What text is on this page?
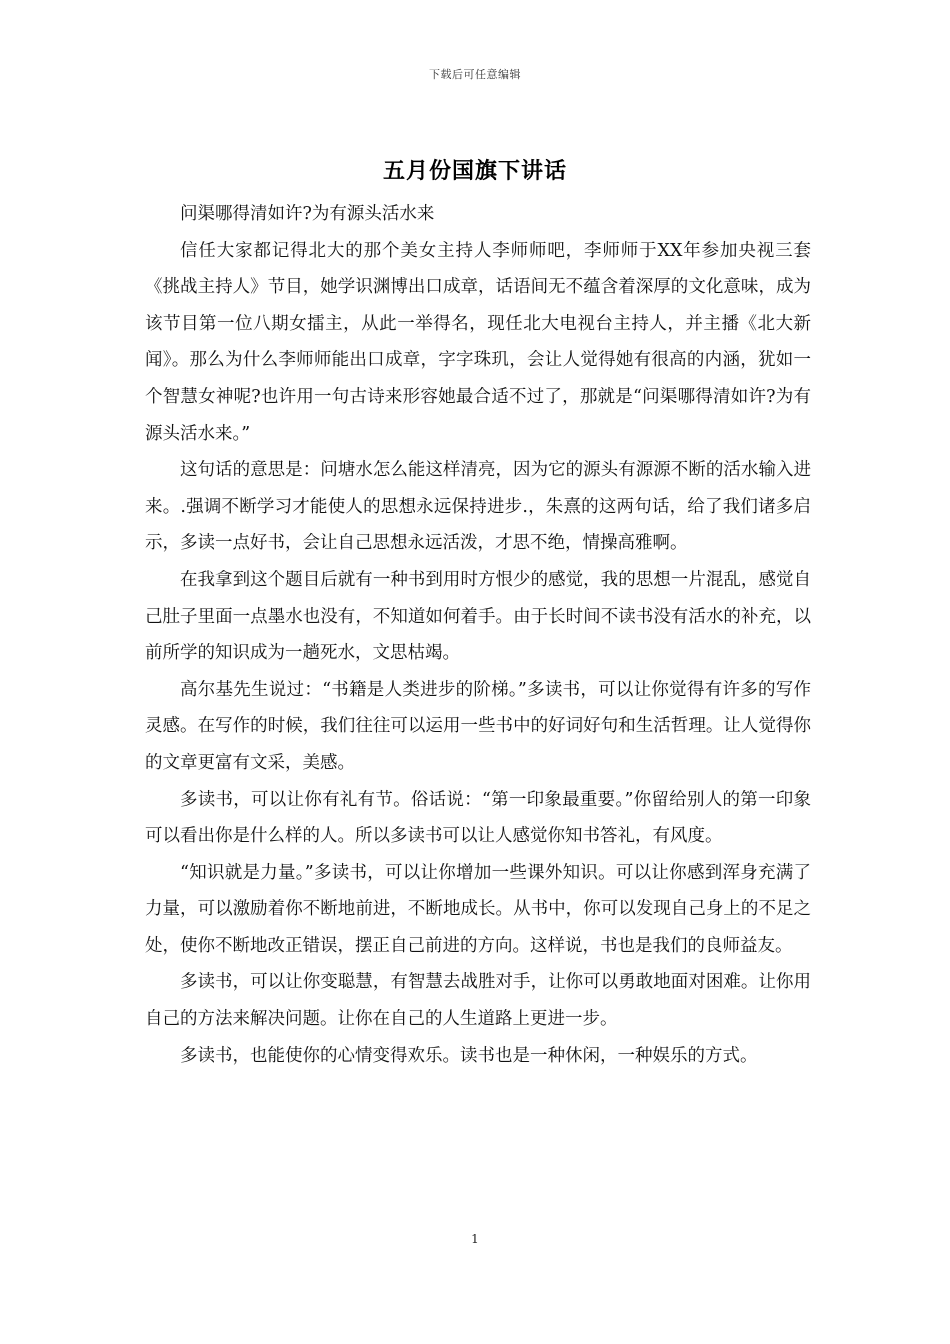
下载后可任意编辑
五月份国旗下讲话

问渠哪得清如许?为有源头活水来

信任大家都记得北大的那个美女主持人李师师吧，李师师于XX年参加央视三套《挑战主持人》节目，她学识渊博出口成章，话语间无不蕴含着深厚的文化意味，成为该节目第一位八期女擂主，从此一举得名，现任北大电视台主持人，并主播《北大新闻》。那么为什么李师师能出口成章，字字珠玑，会让人觉得她有很高的内涵，犹如一个智慧女神呢?也许用一句古诗来形容她最合适不过了，那就是“问渠哪得清如许?为有源头活水来。”

这句话的意思是：问塘水怎么能这样清亮，因为它的源头有源源不断的活水输入进来。.强调不断学习才能使人的思想永远保持进步.，朱熹的这两句话，给了我们诸多启示，多读一点好书，会让自己思想永远活泼，才思不绝，情操高雅啊。

在我拿到这个题目后就有一种书到用时方恨少的感觉，我的思想一片混乱，感觉自己肚子里面一点墨水也没有，不知道如何着手。由于长时间不读书没有活水的补充，以前所学的知识成为一趟死水，文思枯竭。

高尔基先生说过：“书籍是人类进步的阶梯。”多读书，可以让你觉得有许多的写作灵感。在写作的时候，我们往往可以运用一些书中的好词好句和生活哲理。让人觉得你的文章更富有文采，美感。

多读书，可以让你有礼有节。俗话说：“第一印象最重要。”你留给别人的第一印象可以看出你是什么样的人。所以多读书可以让人感觉你知书答礼，有风度。

“知识就是力量。”多读书，可以让你增加一些课外知识。可以让你感到浑身充满了力量，可以激励着你不断地前进，不断地成长。从书中，你可以发现自己身上的不足之处，使你不断地改正错误，摆正自己前进的方向。这样说，书也是我们的良师益友。

多读书，可以让你变聪慧，有智慧去战胜对手，让你可以勇敢地面对困难。让你用自己的方法来解决问题。让你在自己的人生道路上更进一步。

多读书，也能使你的心情变得欢乐。读书也是一种休闲，一种娱乐的方式。

1
